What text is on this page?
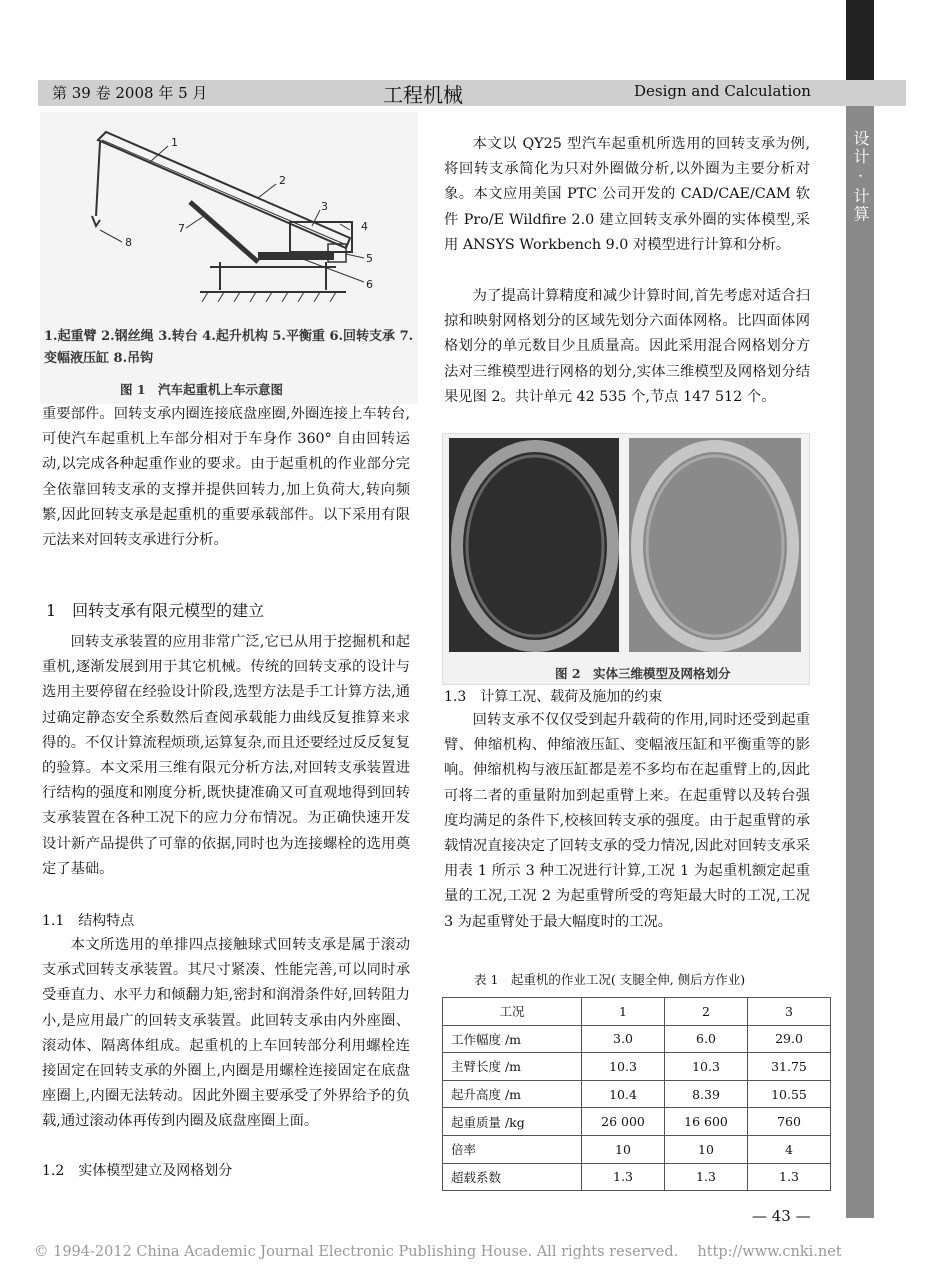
第 39 卷 2008 年 5 月	工程机械	Design and Calculation
设计 · 计算
1
2
3
4
5
6
7
8
1.起重臂 2.钢丝绳 3.转台 4.起升机构 5.平衡重 6.回转支承 7.变幅液压缸 8.吊钩
图 1　汽车起重机上车示意图
重要部件。回转支承内圈连接底盘座圈,外圈连接上车转台,可使汽车起重机上车部分相对于车身作 360° 自由回转运动,以完成各种起重作业的要求。由于起重机的作业部分完全依靠回转支承的支撑并提供回转力,加上负荷大,转向频繁,因此回转支承是起重机的重要承载部件。以下采用有限元法来对回转支承进行分析。
1　回转支承有限元模型的建立
回转支承装置的应用非常广泛,它已从用于挖掘机和起重机,逐渐发展到用于其它机械。传统的回转支承的设计与选用主要停留在经验设计阶段,选型方法是手工计算方法,通过确定静态安全系数然后查阅承载能力曲线反复推算来求得的。不仅计算流程烦琐,运算复杂,而且还要经过反反复复的验算。本文采用三维有限元分析方法,对回转支承装置进行结构的强度和刚度分析,既快捷准确又可直观地得到回转支承装置在各种工况下的应力分布情况。为正确快速开发设计新产品提供了可靠的依据,同时也为连接螺栓的选用奠定了基础。
1.1　结构特点
本文所选用的单排四点接触球式回转支承是属于滚动支承式回转支承装置。其尺寸紧凑、性能完善,可以同时承受垂直力、水平力和倾翻力矩,密封和润滑条件好,回转阻力小,是应用最广的回转支承装置。此回转支承由内外座圈、滚动体、隔离体组成。起重机的上车回转部分利用螺栓连接固定在回转支承的外圈上,内圈是用螺栓连接固定在底盘座圈上,内圈无法转动。因此外圈主要承受了外界给予的负载,通过滚动体再传到内圈及底盘座圈上面。
1.2　实体模型建立及网格划分
本文以 QY25 型汽车起重机所选用的回转支承为例,将回转支承简化为只对外圈做分析,以外圈为主要分析对象。本文应用美国 PTC 公司开发的 CAD/CAE/CAM 软件 Pro/E Wildfire 2.0 建立回转支承外圈的实体模型,采用 ANSYS Workbench 9.0 对模型进行计算和分析。
为了提高计算精度和减少计算时间,首先考虑对适合扫掠和映射网格划分的区域先划分六面体网格。比四面体网格划分的单元数目少且质量高。因此采用混合网格划分方法对三维模型进行网格的划分,实体三维模型及网格划分结果见图 2。共计单元 42 535 个,节点 147 512 个。
图 2　实体三维模型及网格划分
1.3　计算工况、载荷及施加的约束
回转支承不仅仅受到起升载荷的作用,同时还受到起重臂、伸缩机构、伸缩液压缸、变幅液压缸和平衡重等的影响。伸缩机构与液压缸都是差不多均布在起重臂上的,因此可将二者的重量附加到起重臂上来。在起重臂以及转台强度均满足的条件下,校核回转支承的强度。由于起重臂的承载情况直接决定了回转支承的受力情况,因此对回转支承采用表 1 所示 3 种工况进行计算,工况 1 为起重机额定起重量的工况,工况 2 为起重臂所受的弯矩最大时的工况,工况 3 为起重臂处于最大幅度时的工况。
表 1　起重机的作业工况( 支腿全伸, 侧后方作业)
工况	1	2	3
工作幅度 /m	3.0	6.0	29.0
主臂长度 /m	10.3	10.3	31.75
起升高度 /m	10.4	8.39	10.55
起重质量 /kg	26 000	16 600	760
倍率	10	10	4
超载系数	1.3	1.3	1.3
— 43 —
© 1994-2012 China Academic Journal Electronic Publishing House. All rights reserved.　 http://www.cnki.net
